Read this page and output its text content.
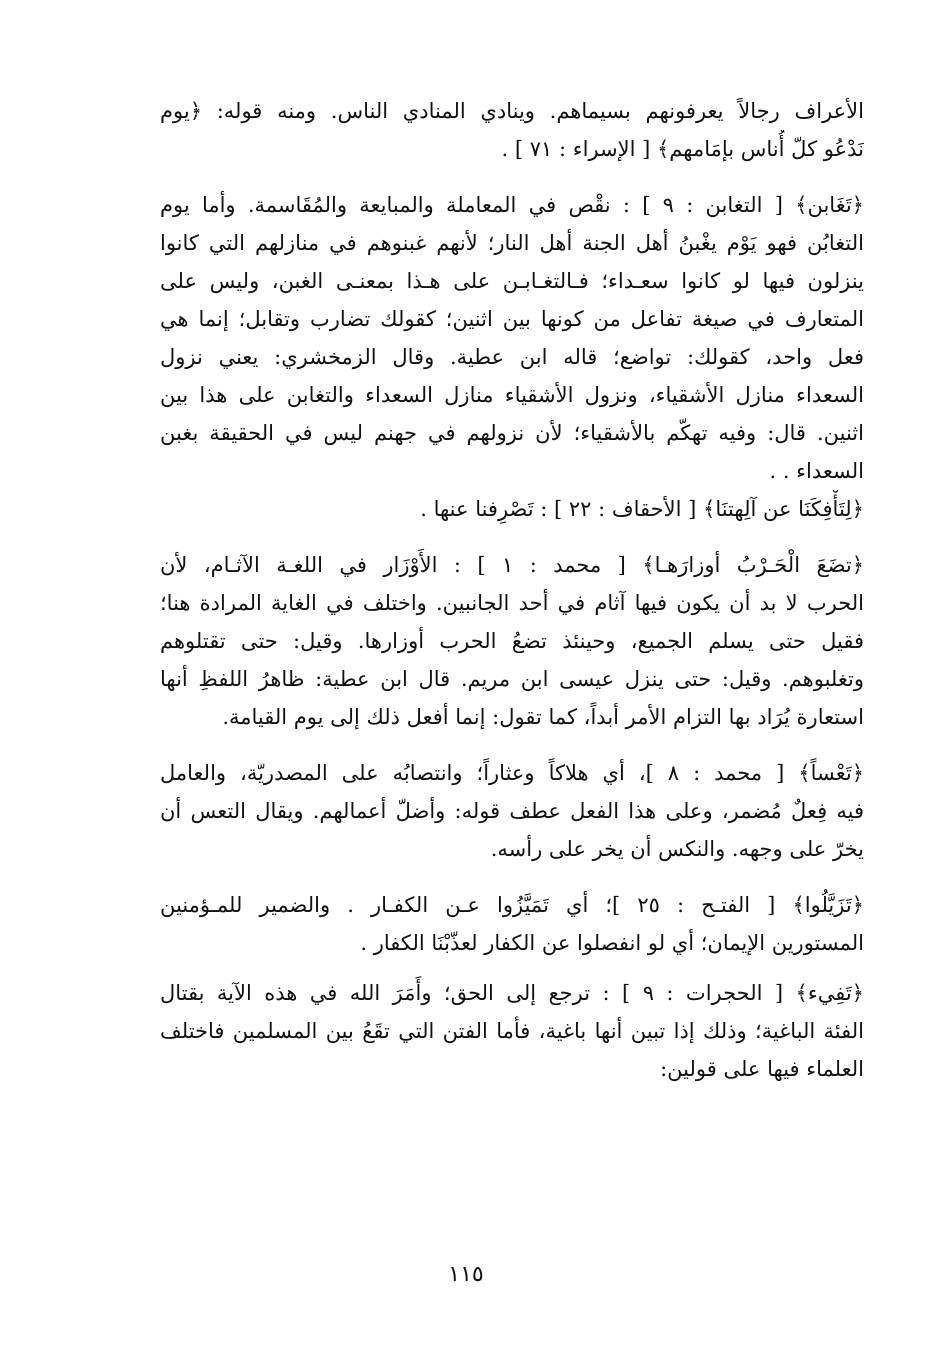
الأعراف رجالاً يعرفونهم بسيماهم. وينادي المنادي الناس. ومنه قوله: ﴿يوم
نَدْعُو كلّ أُناس بإمَامهم﴾ [ الإسراء : ٧١ ] .
﴿تَغَابن﴾ [ التغابن : ٩ ] : نقْص في المعاملة والمبايعة والمُقَاسمة. وأما يوم
التغابُن فهو يَوْم يغْبنُ أهل الجنة أهل النار؛ لأنهم غبنوهم في منازلهم التي كانوا
ينزلون فيها لو كانوا سعـداء؛ فـالتغـابـن على هـذا بمعنـى الغبن، وليس على
المتعارف في صيغة تفاعل من كونها بين اثنين؛ كقولك تضارب وتقابل؛ إنما هي
فعل واحد، كقولك: تواضع؛ قاله ابن عطية. وقال الزمخشري: يعني نزول
السعداء منازل الأشقياء، ونزول الأشقياء منازل السعداء والتغابن على هذا بين
اثنين. قال: وفيه تهكّم بالأشقياء؛ لأن نزولهم في جهنم ليس في الحقيقة بغبن
السعداء . .
﴿لِتَأْفِكَنَا عن آلِهتنَا﴾ [ الأحقاف : ٢٢ ] : تَصْرِفنا عنها .
﴿تضَعَ الْحَـرْبُ أوزارَهـا﴾ [ محمد : ١ ] : الأَوْزَار في اللغـة الآثـام، لأن
الحرب لا بد أن يكون فيها آثام في أحد الجانبين. واختلف في الغاية المرادة هنا؛
فقيل حتى يسلم الجميع، وحينئذ تضعُ الحرب أوزارها. وقيل: حتى تقتلوهم
وتغلبوهم. وقيل: حتى ينزل عيسى ابن مريم. قال ابن عطية: ظاهرُ اللفظِ أنها
استعارة يُرَاد بها التزام الأمر أبداً، كما تقول: إنما أفعل ذلك إلى يوم القيامة.
﴿تَعْساً﴾ [ محمد : ٨ ]، أي هلاكاً وعثاراً؛ وانتصابُه على المصدريّة، والعامل
فيه فِعلٌ مُضمر، وعلى هذا الفعل عطف قوله: وأضلّ أعمالهم. ويقال التعس أن
يخرّ على وجهه. والنكس أن يخر على رأسه.
﴿تَزَيَّلُوا﴾ [ الفتـح : ٢٥ ]؛ أي تَمَيَّزُوا عـن الكفـار . والضمير للمـؤمنين
المستورين الإيمان؛ أي لو انفصلوا عن الكفار لعذّبْنَا الكفار .
﴿تَفِيء﴾ [ الحجرات : ٩ ] : ترجع إلى الحق؛ وأَمَرَ الله في هذه الآية بقتال
الفئة الباغية؛ وذلك إذا تبين أنها باغية، فأما الفتن التي تقَعُ بين المسلمين فاختلف
العلماء فيها على قولين:
١١٥
